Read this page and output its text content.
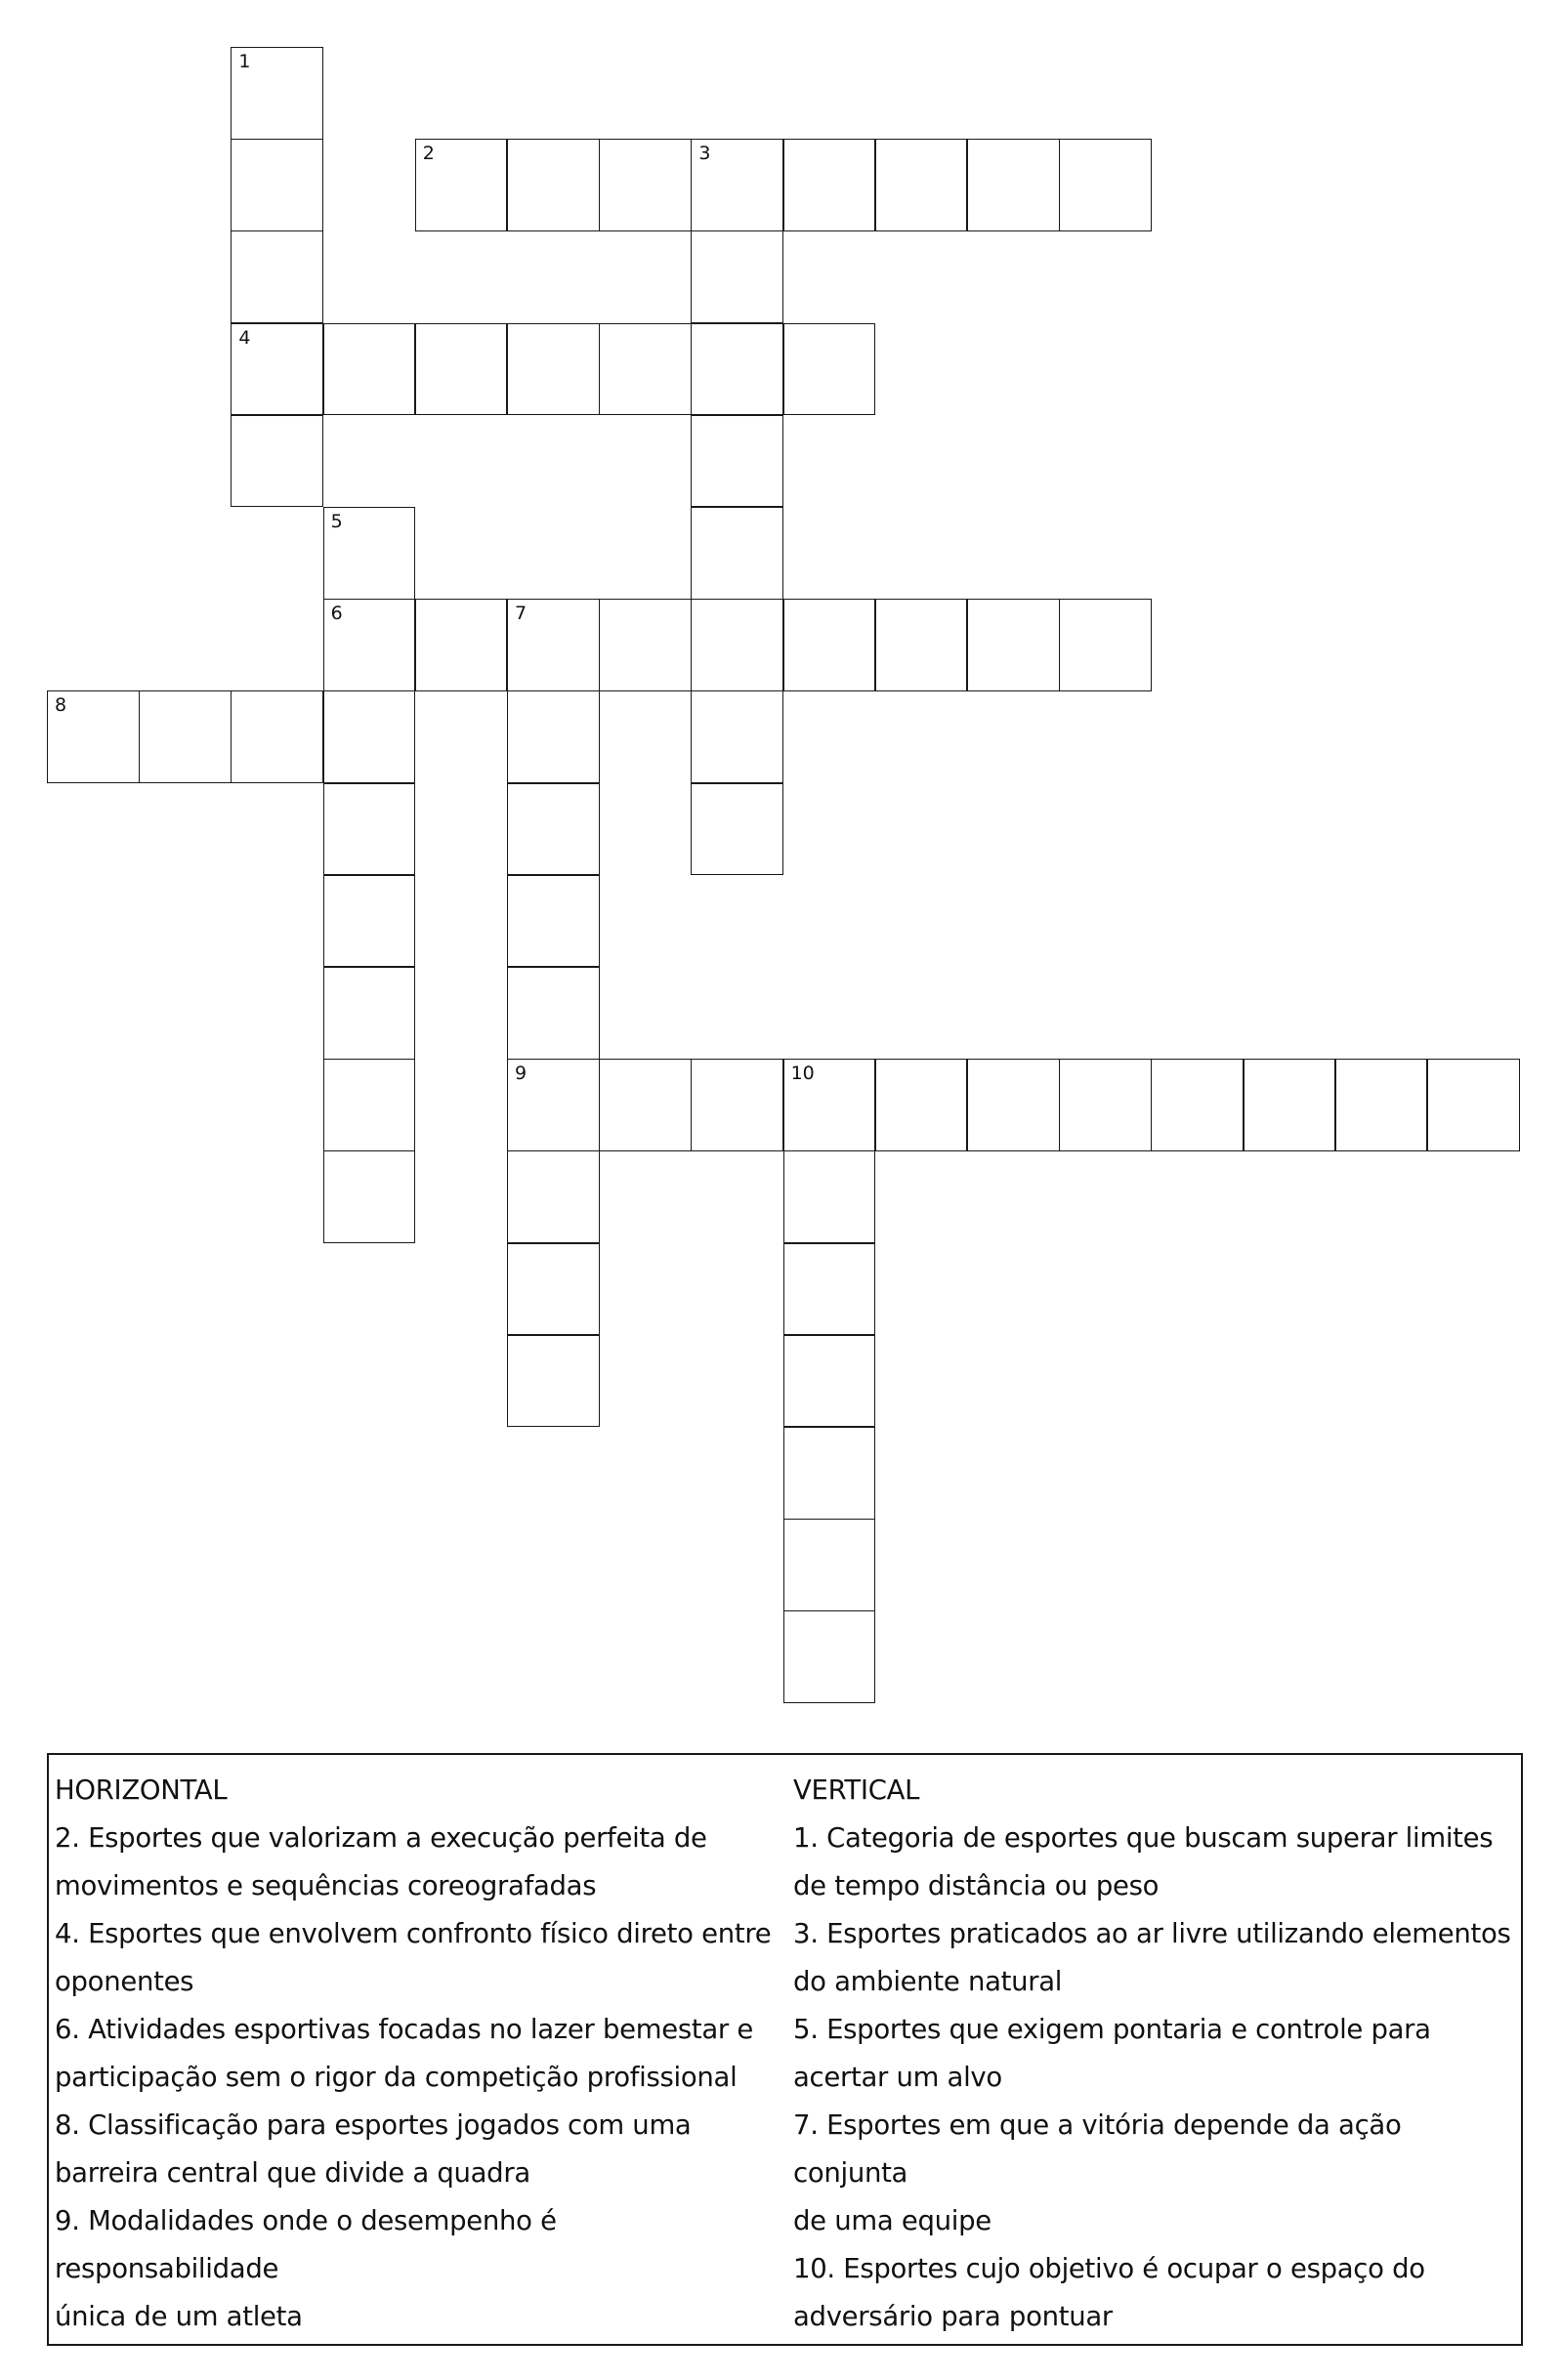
1
2	3
4
5
6	7
8
9	10
HORIZONTAL

2. Esportes que valorizam a execução perfeita de
movimentos e sequências coreografadas

4. Esportes que envolvem confronto físico direto entre
oponentes

6. Atividades esportivas focadas no lazer bemestar e
participação sem o rigor da competição profissional

8. Classificação para esportes jogados com uma
barreira central que divide a quadra

9. Modalidades onde o desempenho é responsabilidade
única de um atleta

VERTICAL

1. Categoria de esportes que buscam superar limites
de tempo distância ou peso

3. Esportes praticados ao ar livre utilizando elementos
do ambiente natural

5. Esportes que exigem pontaria e controle para
acertar um alvo

7. Esportes em que a vitória depende da ação conjunta
de uma equipe

10. Esportes cujo objetivo é ocupar o espaço do
adversário para pontuar
